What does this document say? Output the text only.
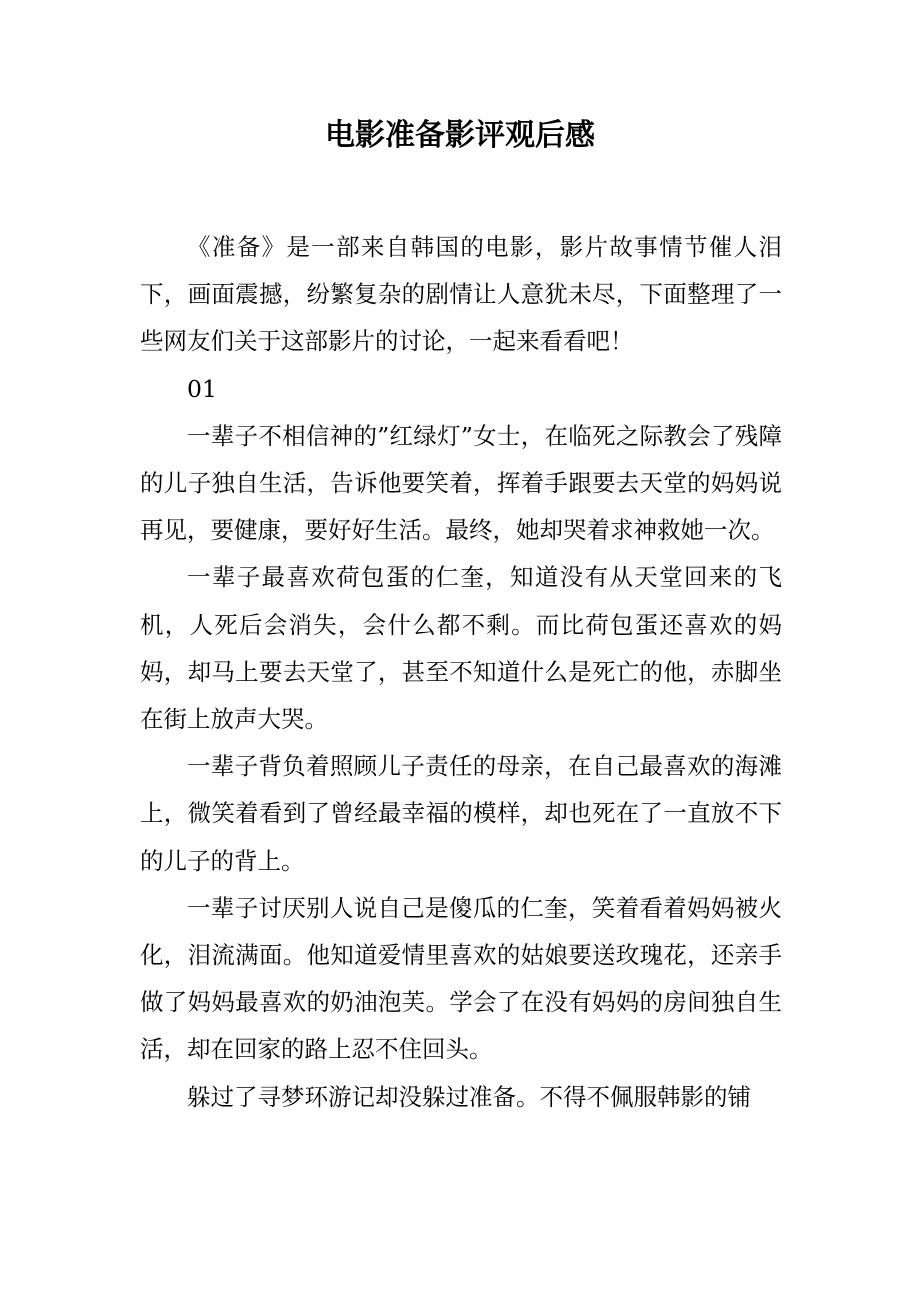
电影准备影评观后感

《准备》是一部来自韩国的电影，影片故事情节催人泪下，画面震撼，纷繁复杂的剧情让人意犹未尽，下面整理了一些网友们关于这部影片的讨论，一起来看看吧！

01

一辈子不相信神的”红绿灯”女士，在临死之际教会了残障的儿子独自生活，告诉他要笑着，挥着手跟要去天堂的妈妈说再见，要健康，要好好生活。最终，她却哭着求神救她一次。

一辈子最喜欢荷包蛋的仁奎，知道没有从天堂回来的飞机，人死后会消失，会什么都不剩。而比荷包蛋还喜欢的妈妈，却马上要去天堂了，甚至不知道什么是死亡的他，赤脚坐在街上放声大哭。

一辈子背负着照顾儿子责任的母亲，在自己最喜欢的海滩上，微笑着看到了曾经最幸福的模样，却也死在了一直放不下的儿子的背上。

一辈子讨厌别人说自己是傻瓜的仁奎，笑着看着妈妈被火化，泪流满面。他知道爱情里喜欢的姑娘要送玫瑰花，还亲手做了妈妈最喜欢的奶油泡芙。学会了在没有妈妈的房间独自生活，却在回家的路上忍不住回头。

躲过了寻梦环游记却没躲过准备。不得不佩服韩影的铺
